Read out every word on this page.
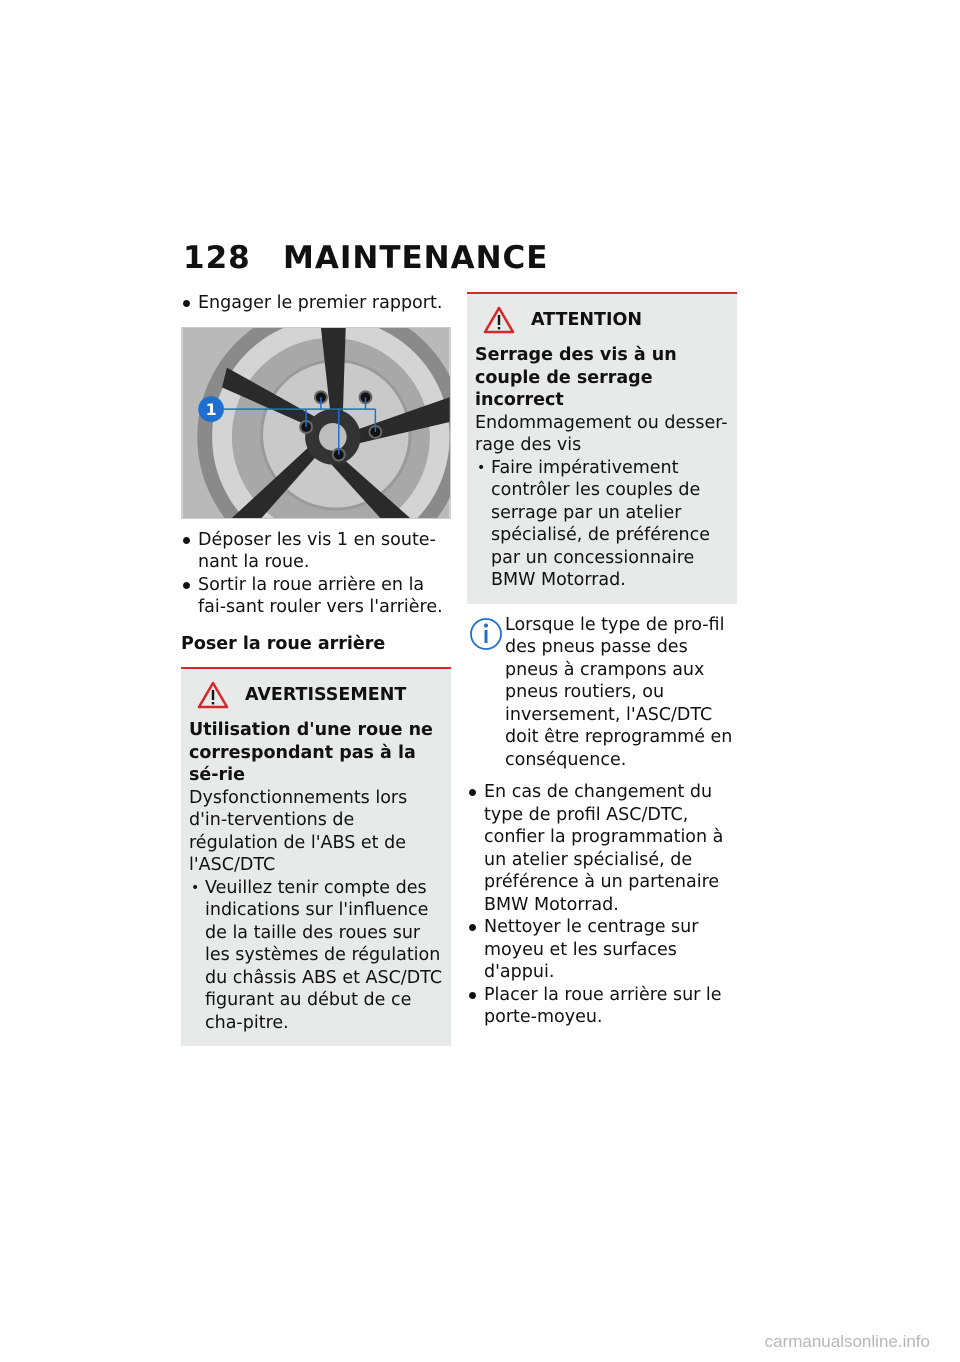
128 MAINTENANCE

Engager le premier rapport.

1

Déposer les vis 1 en soute-nant la roue.

Sortir la roue arrière en la fai-sant rouler vers l'arrière.

Poser la roue arrière
AVERTISSEMENT
Utilisation d'une roue ne correspondant pas à la sé-rie
Dysfonctionnements lors d'in-terventions de régulation de l'ABS et de l'ASC/DTC
• Veuillez tenir compte des indications sur l'influence de la taille des roues sur les systèmes de régulation du châssis ABS et ASC/DTC figurant au début de ce cha-pitre.
ATTENTION
Serrage des vis à un couple de serrage incorrect
Endommagement ou desser-rage des vis
• Faire impérativement contrôler les couples de serrage par un atelier spécialisé, de préférence par un concessionnaire BMW Motorrad.

Lorsque le type de pro-fil des pneus passe des pneus à crampons aux pneus routiers, ou inversement, l'ASC/DTC doit être reprogrammé en conséquence.

En cas de changement du type de profil ASC/DTC, confier la programmation à un atelier spécialisé, de préférence à un partenaire BMW Motorrad.

Nettoyer le centrage sur moyeu et les surfaces d'appui.

Placer la roue arrière sur le porte-moyeu.

carmanualsonline.info
